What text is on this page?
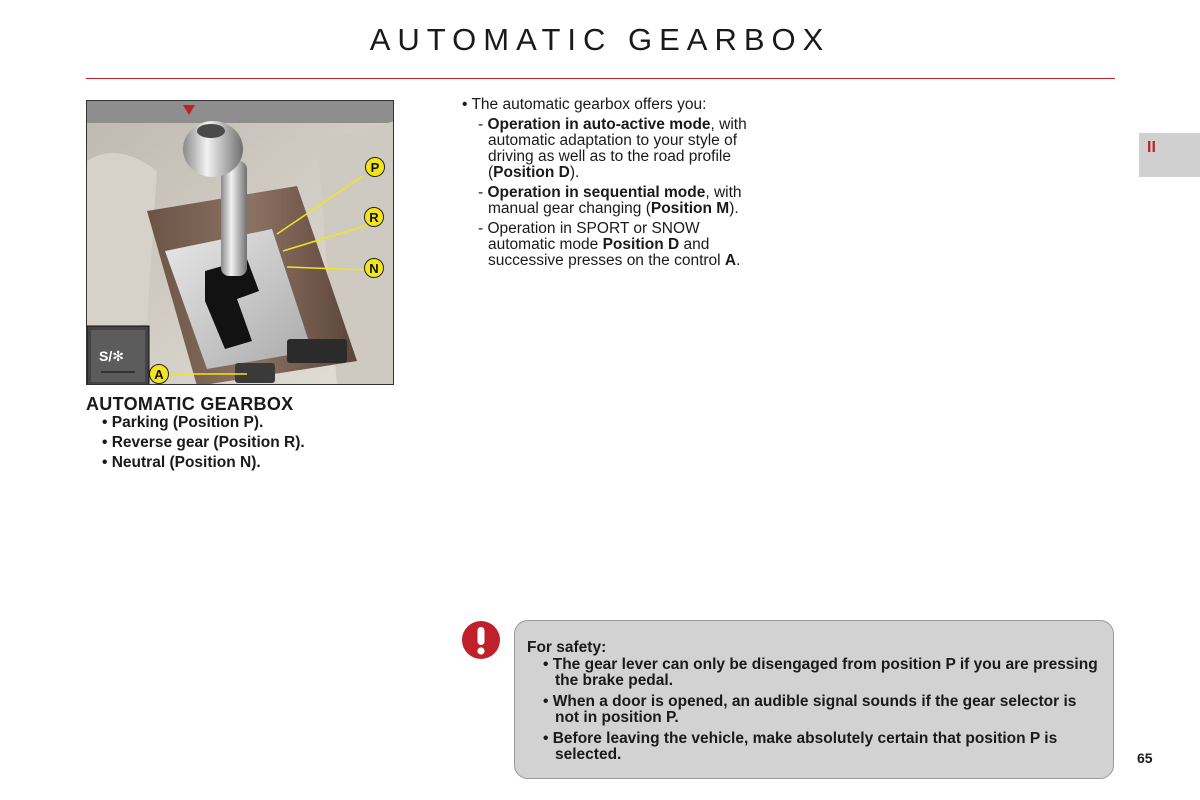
AUTOMATIC GEARBOX
II
S/✻
P
R
N
A
AUTOMATIC GEARBOX
• Parking (Position P).
• Reverse gear (Position R).
• Neutral (Position N).

• The automatic gearbox offers you:

- Operation in auto-active mode, with automatic adaptation to your style of driving as well as to the road profile (Position D).

- Operation in sequential mode, with manual gear changing (Position M).

- Operation in SPORT or SNOW automatic mode Position D and successive presses on the control A.

For safety:
• The gear lever can only be disengaged from position P if you are pressing the brake pedal.
• When a door is opened, an audible signal sounds if the gear selector is not in position P.
• Before leaving the vehicle, make absolutely certain that position P is selected.	65
